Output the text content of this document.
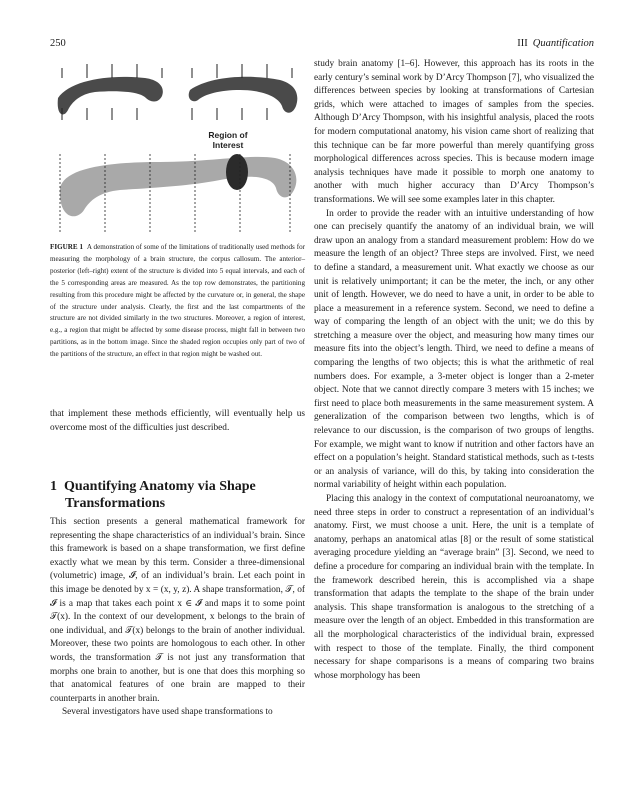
250	III Quantification
Region of Interest
FIGURE 1 A demonstration of some of the limitations of traditionally used methods for measuring the morphology of a brain structure, the corpus callosum. The anterior–posterior (left–right) extent of the structure is divided into 5 equal intervals, and each of the 5 corresponding areas are measured. As the top row demonstrates, the partitioning resulting from this procedure might be affected by the curvature or, in general, the shape of the structure under analysis. Clearly, the first and the last compartments of the structure are not divided similarly in the two structures. Moreover, a region of interest, e.g., a region that might be affected by some disease process, might fall in between two partitions, as in the bottom image. Since the shaded region occupies only part of two of the partitions of the structure, an effect in that region might be washed out.

that implement these methods efficiently, will eventually help us overcome most of the difficulties just described.

1 Quantifying Anatomy via Shape
Transformations

This section presents a general mathematical framework for representing the shape characteristics of an individual’s brain. Since this framework is based on a shape transformation, we first define exactly what we mean by this term. Consider a three-dimensional (volumetric) image, 𝓘, of an individual’s brain. Let each point in this image be denoted by x = (x, y, z). A shape transformation, 𝒯, of 𝓘 is a map that takes each point x ∈ 𝓘 and maps it to some point 𝒯(x). In the context of our development, x belongs to the brain of one individual, and 𝒯(x) belongs to the brain of another individual. Moreover, these two points are homologous to each other. In other words, the transformation 𝒯 is not just any transformation that morphs one brain to another, but is one that does this morphing so that anatomical features of one brain are mapped to their counterparts in another brain.

Several investigators have used shape transformations to

study brain anatomy [1–6]. However, this approach has its roots in the early century’s seminal work by D’Arcy Thompson [7], who visualized the differences between species by looking at transformations of Cartesian grids, which were attached to images of samples from the species. Although D’Arcy Thompson, with his insightful analysis, placed the roots for modern computational anatomy, his vision came short of realizing that this technique can be far more powerful than merely quantifying gross morphological differences across species. This is because modern image analysis techniques have made it possible to morph one anatomy to another with much higher accuracy than D’Arcy Thompson’s transformations. We will see some examples later in this chapter.

In order to provide the reader with an intuitive understanding of how one can precisely quantify the anatomy of an individual brain, we will draw upon an analogy from a standard measurement problem: How do we measure the length of an object? Three steps are involved. First, we need to define a standard, a measurement unit. What exactly we choose as our unit is relatively unimportant; it can be the meter, the inch, or any other unit of length. However, we do need to have a unit, in order to be able to place a measurement in a reference system. Second, we need to define a way of comparing the length of an object with the unit; we do this by stretching a measure over the object, and measuring how many times our measure fits into the object’s length. Third, we need to define a means of comparing the lengths of two objects; this is what the arithmetic of real numbers does. For example, a 3-meter object is longer than a 2-meter object. Note that we cannot directly compare 3 meters with 15 inches; we first need to place both measurements in the same measurement system. A generalization of the comparison between two lengths, which is of relevance to our discussion, is the comparison of two groups of lengths. For example, we might want to know if nutrition and other factors have an effect on a population’s height. Standard statistical methods, such as t-tests or an analysis of variance, will do this, by taking into consideration the normal variability of height within each population.

Placing this analogy in the context of computational neuroanatomy, we need three steps in order to construct a representation of an individual’s anatomy. First, we must choose a unit. Here, the unit is a template of anatomy, perhaps an anatomical atlas [8] or the result of some statistical averaging procedure yielding an “average brain” [3]. Second, we need to define a procedure for comparing an individual brain with the template. In the framework described herein, this is accomplished via a shape transformation that adapts the template to the shape of the brain under analysis. This shape transformation is analogous to the stretching of a measure over the length of an object. Embedded in this transformation are all the morphological characteristics of the individual brain, expressed with respect to those of the template. Finally, the third component necessary for shape comparisons is a means of comparing two brains whose morphology has been
